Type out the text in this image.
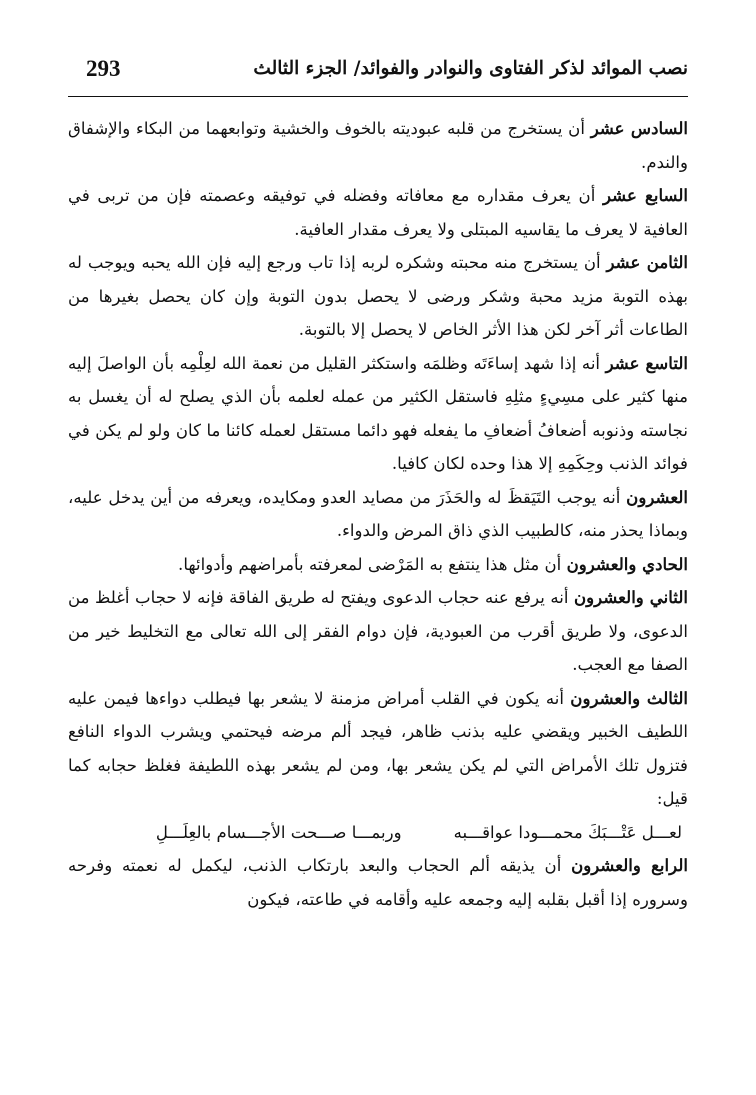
293	نصب الموائد لذكر الفتاوى والنوادر والفوائد/ الجزء الثالث

السادس عشر أن يستخرج من قلبه عبوديته بالخوف والخشية وتوابعهما من البكاء والإشفاق والندم.

السابع عشر أن يعرف مقداره مع معافاته وفضله في توفيقه وعصمته فإن من تربى في العافية لا يعرف ما يقاسيه المبتلى ولا يعرف مقدار العافية.

الثامن عشر أن يستخرج منه محبته وشكره لربه إذا تاب ورجع إليه فإن الله يحبه ويوجب له بهذه التوبة مزيد محبة وشكر ورضى لا يحصل بدون التوبة وإن كان يحصل بغيرها من الطاعات أثر آخر لكن هذا الأثر الخاص لا يحصل إلا بالتوبة.

التاسع عشر أنه إذا شهد إساءَتَه وظلمَه واستكثر القليل من نعمة الله لعِلْمِه بأن الواصلَ إليه منها كثير على مسِيءٍ مثلِهِ فاستقل الكثير من عمله لعلمه بأن الذي يصلح له أن يغسل به نجاسته وذنوبه أضعافُ أضعافِ ما يفعله فهو دائما مستقل لعمله كائنا ما كان ولو لم يكن في فوائد الذنب وحِكَمِهِ إلا هذا وحده لكان كافيا.

العشرون أنه يوجب التَيَقظَ له والحَذَرَ من مصايد العدو ومكايده، ويعرفه من أين يدخل عليه، وبماذا يحذر منه، كالطبيب الذي ذاق المرض والدواء.

الحادي والعشرون أن مثل هذا ينتفع به المَرْضى لمعرفته بأمراضهم وأدوائها.

الثاني والعشرون أنه يرفع عنه حجاب الدعوى ويفتح له طريق الفاقة فإنه لا حجاب أغلظ من الدعوى، ولا طريق أقرب من العبودية، فإن دوام الفقر إلى الله تعالى مع التخليط خير من الصفا مع العجب.

الثالث والعشرون أنه يكون في القلب أمراض مزمنة لا يشعر بها فيطلب دواءها فيمن عليه اللطيف الخبير ويقضي عليه بذنب ظاهر، فيجد ألم مرضه فيحتمي ويشرب الدواء النافع فتزول تلك الأمراض التي لم يكن يشعر بها، ومن لم يشعر بهذه اللطيفة فغلظ حجابه كما قيل:

لعـــل عَتْـــبَكَ محمـــودا عواقـــبه
وربمـــا صـــحت الأجـــسام بالعِلَـــلِ

الرابع والعشرون أن يذيقه ألم الحجاب والبعد بارتكاب الذنب، ليكمل له نعمته وفرحه وسروره إذا أقبل بقلبه إليه وجمعه عليه وأقامه في طاعته، فيكون
